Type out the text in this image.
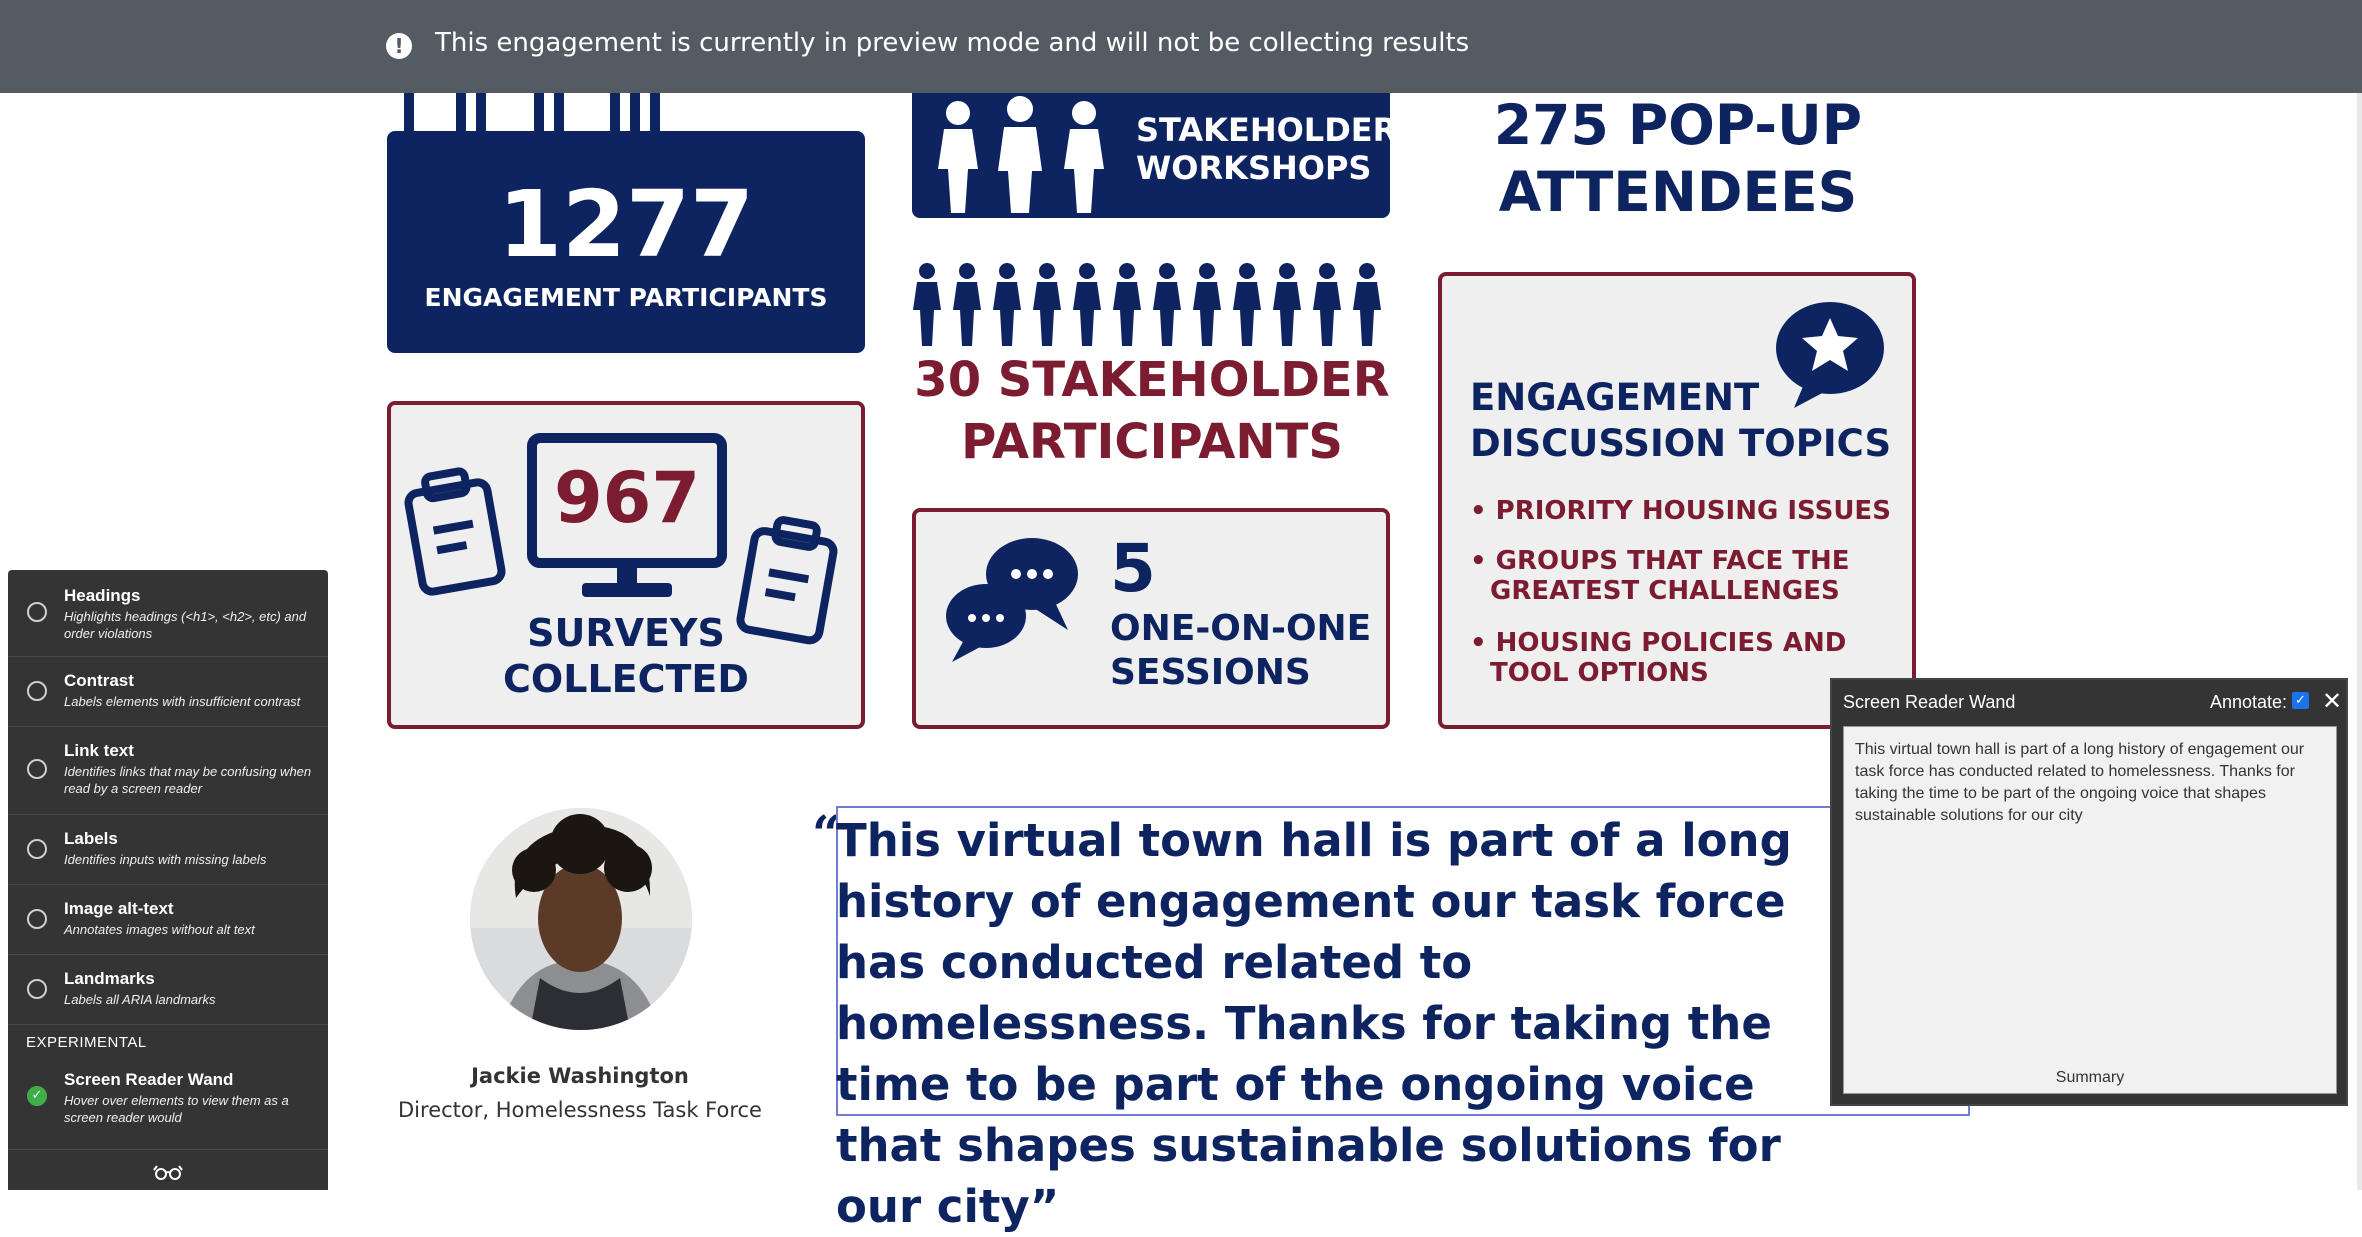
!	This engagement is currently in preview mode and will not be collecting results
1277
ENGAGEMENT PARTICIPANTS
STAKEHOLDER
WORKSHOPS
275 POP-UP
ATTENDEES
30 STAKEHOLDER
PARTICIPANTS
967
SURVEYS
COLLECTED
5
ONE-ON-ONE
SESSIONS
ENGAGEMENT
DISCUSSION TOPICS
• PRIORITY HOUSING ISSUES
• GROUPS THAT FACE THE
GREATEST CHALLENGES
• HOUSING POLICIES AND
TOOL OPTIONS
Jackie Washington
Director, Homelessness Task Force
“
This virtual town hall is part of a long history of engagement our task force has conducted related to homelessness. Thanks for taking the time to be part of the ongoing voice that shapes sustainable solutions for our city”
Headings
Highlights headings (<h1>, <h2>, etc) and order violations
Contrast
Labels elements with insufficient contrast
Link text
Identifies links that may be confusing when read by a screen reader
Labels
Identifies inputs with missing labels
Image alt-text
Annotates images without alt text
Landmarks
Labels all ARIA landmarks
EXPERIMENTAL
✓
Screen Reader Wand
Hover over elements to view them as a screen reader would
Screen Reader Wand	Annotate: ✓ ✕
This virtual town hall is part of a long history of engagement our task force has conducted related to homelessness. Thanks for taking the time to be part of the ongoing voice that shapes sustainable solutions for our city
Summary
